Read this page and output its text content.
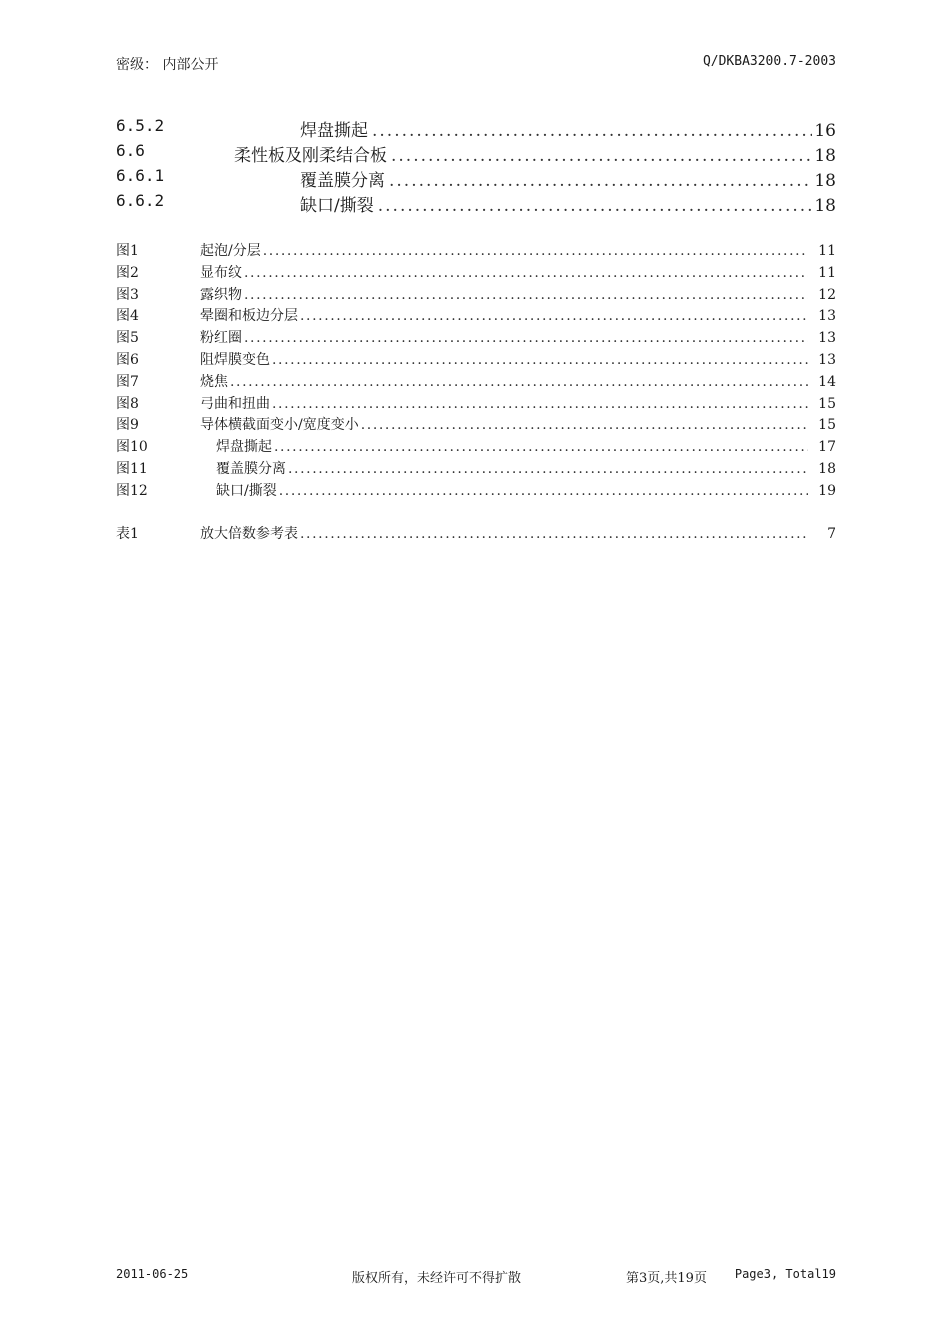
密级： 内部公开	Q/DKBA3200.7-2003
6.5.2	焊盘撕起 .....	16
6.6	柔性板及刚柔结合板 .....	18
6.6.1	覆盖膜分离 .....	18
6.6.2	缺口/撕裂 .....	18
图1	起泡/分层 .....	11
图2	显布纹 .....	11
图3	露织物 .....	12
图4	晕圈和板边分层 .....	13
图5	粉红圈 .....	13
图6	阻焊膜变色 .....	13
图7	烧焦 .....	14
图8	弓曲和扭曲 .....	15
图9	导体横截面变小/宽度变小 .....	15
图10	焊盘撕起 .....	17
图11	覆盖膜分离 .....	18
图12	缺口/撕裂 .....	19
表1	放大倍数参考表 .....	7
2011-06-25	版权所有，未经许可不得扩散	第3页,共19页 Page3, Total19
